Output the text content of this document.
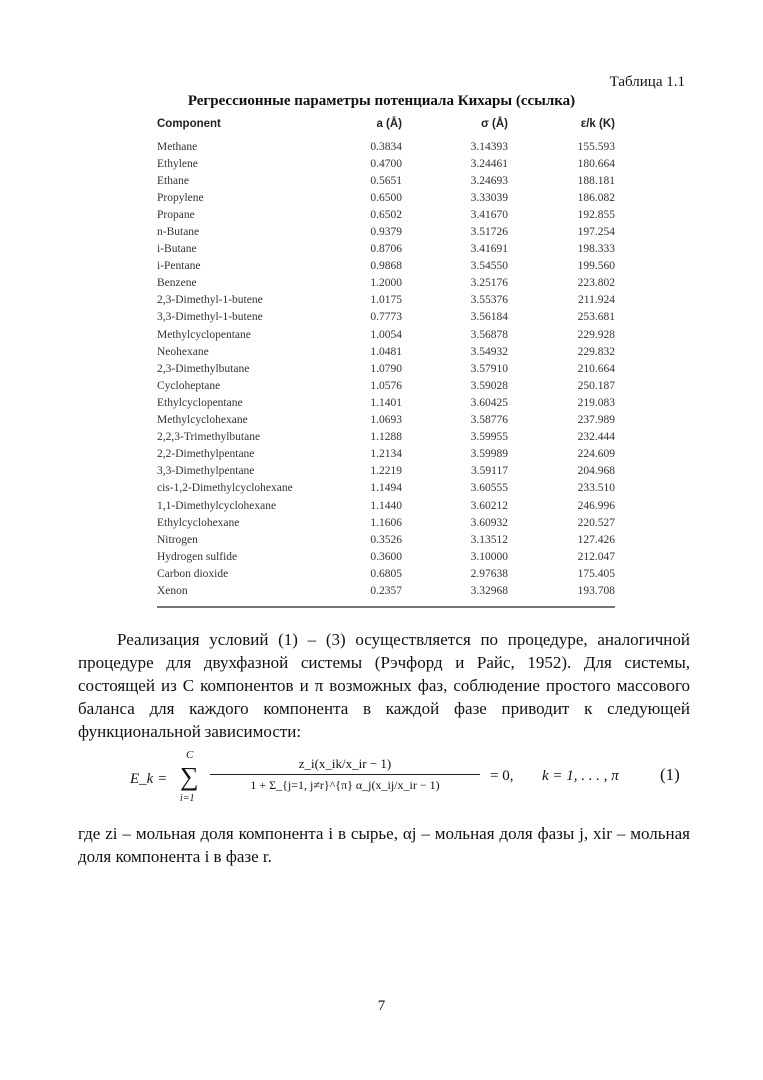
Таблица 1.1
Регрессионные параметры потенциала Кихары (ссылка)
Component	a (Å)	σ (Å)	ε/k (K)
Methane	0.3834	3.14393	155.593
Ethylene	0.4700	3.24461	180.664
Ethane	0.5651	3.24693	188.181
Propylene	0.6500	3.33039	186.082
Propane	0.6502	3.41670	192.855
n-Butane	0.9379	3.51726	197.254
i-Butane	0.8706	3.41691	198.333
i-Pentane	0.9868	3.54550	199.560
Benzene	1.2000	3.25176	223.802
2,3-Dimethyl-1-butene	1.0175	3.55376	211.924
3,3-Dimethyl-1-butene	0.7773	3.56184	253.681
Methylcyclopentane	1.0054	3.56878	229.928
Neohexane	1.0481	3.54932	229.832
2,3-Dimethylbutane	1.0790	3.57910	210.664
Cycloheptane	1.0576	3.59028	250.187
Ethylcyclopentane	1.1401	3.60425	219.083
Methylcyclohexane	1.0693	3.58776	237.989
2,2,3-Trimethylbutane	1.1288	3.59955	232.444
2,2-Dimethylpentane	1.2134	3.59989	224.609
3,3-Dimethylpentane	1.2219	3.59117	204.968
cis-1,2-Dimethylcyclohexane	1.1494	3.60555	233.510
1,1-Dimethylcyclohexane	1.1440	3.60212	246.996
Ethylcyclohexane	1.1606	3.60932	220.527
Nitrogen	0.3526	3.13512	127.426
Hydrogen sulfide	0.3600	3.10000	212.047
Carbon dioxide	0.6805	2.97638	175.405
Xenon	0.2357	3.32968	193.708
Реализация условий (1) – (3) осуществляется по процедуре, аналогичной процедуре для двухфазной системы (Рэчфорд и Райс, 1952). Для системы, состоящей из C компонентов и π возможных фаз, соблюдение простого массового баланса для каждого компонента в каждой фазе приводит к следующей функциональной зависимости:
E_k =
C
∑
i=1
z_i(x_ik/x_ir − 1)
1 + Σ_{j=1, j≠r}^{π} α_j(x_ij/x_ir − 1)
= 0, k = 1, . . . , π (1)
где zi – мольная доля компонента i в сырье, αj – мольная доля фазы j, xir – мольная доля компонента i в фазе r.
7
